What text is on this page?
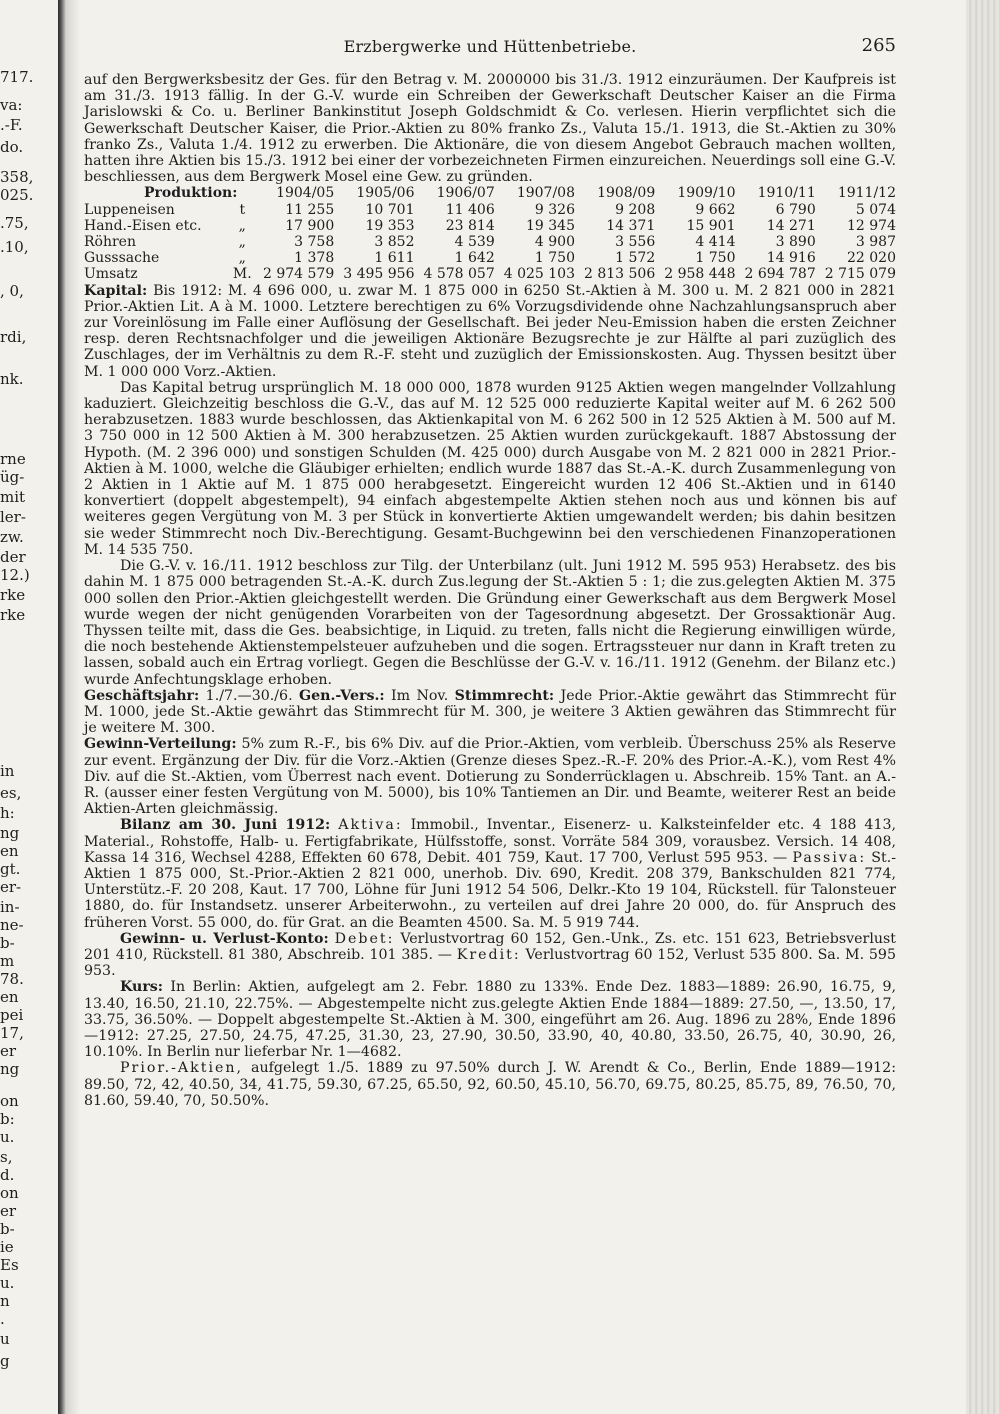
717.
va:
.-F.
do.
358,
025.
.75,
.10,
, 0,
rdi,
nk.
rne
üg-
mit
ler-
zw.
der
12.)
rke
rke
in
es,
h:
ng
en
gt.
er-
in-
ne-
b-
m
78.
en
pei
17,
er
ng
on
b:
u.
s,
d.
on
er
b-
ie
Es
u.
n
.
u
g
Erzbergwerke und Hüttenbetriebe.	265

auf den Bergwerksbesitz der Ges. für den Betrag v. M. 2000000 bis 31./3. 1912 einzuräumen. Der Kaufpreis ist am 31./3. 1913 fällig. In der G.-V. wurde ein Schreiben der Gewerkschaft Deutscher Kaiser an die Firma Jarislowski & Co. u. Berliner Bankinstitut Joseph Goldschmidt & Co. verlesen. Hierin verpflichtet sich die Gewerkschaft Deutscher Kaiser, die Prior.-Aktien zu 80% franko Zs., Valuta 15./1. 1913, die St.-Aktien zu 30% franko Zs., Valuta 1./4. 1912 zu erwerben. Die Aktionäre, die von diesem Angebot Gebrauch machen wollten, hatten ihre Aktien bis 15./3. 1912 bei einer der vorbezeichneten Firmen einzureichen. Neuerdings soll eine G.-V. beschliessen, aus dem Bergwerk Mosel eine Gew. zu gründen.

Produktion:		1904/05	1905/06	1906/07	1907/08	1908/09	1909/10	1910/11	1911/12
Luppeneisen	t	11 255	10 701	11 406	9 326	9 208	9 662	6 790	5 074
Hand.-Eisen etc.	„	17 900	19 353	23 814	19 345	14 371	15 901	14 271	12 974
Röhren	„	3 758	3 852	4 539	4 900	3 556	4 414	3 890	3 987
Gusssache	„	1 378	1 611	1 642	1 750	1 572	1 750	14 916	22 020
Umsatz	M.	2 974 579	3 495 956	4 578 057	4 025 103	2 813 506	2 958 448	2 694 787	2 715 079

Kapital: Bis 1912: M. 4 696 000, u. zwar M. 1 875 000 in 6250 St.-Aktien à M. 300 u. M. 2 821 000 in 2821 Prior.-Aktien Lit. A à M. 1000. Letztere berechtigen zu 6% Vorzugsdividende ohne Nachzahlungsanspruch aber zur Voreinlösung im Falle einer Auflösung der Gesellschaft. Bei jeder Neu-Emission haben die ersten Zeichner resp. deren Rechtsnachfolger und die jeweiligen Aktionäre Bezugsrechte je zur Hälfte al pari zuzüglich des Zuschlages, der im Verhältnis zu dem R.-F. steht und zuzüglich der Emissionskosten. Aug. Thyssen besitzt über M. 1 000 000 Vorz.-Aktien.

Das Kapital betrug ursprünglich M. 18 000 000, 1878 wurden 9125 Aktien wegen mangelnder Vollzahlung kaduziert. Gleichzeitig beschloss die G.-V., das auf M. 12 525 000 reduzierte Kapital weiter auf M. 6 262 500 herabzusetzen. 1883 wurde beschlossen, das Aktienkapital von M. 6 262 500 in 12 525 Aktien à M. 500 auf M. 3 750 000 in 12 500 Aktien à M. 300 herabzusetzen. 25 Aktien wurden zurückgekauft. 1887 Abstossung der Hypoth. (M. 2 396 000) und sonstigen Schulden (M. 425 000) durch Ausgabe von M. 2 821 000 in 2821 Prior.-Aktien à M. 1000, welche die Gläubiger erhielten; endlich wurde 1887 das St.-A.-K. durch Zusammenlegung von 2 Aktien in 1 Aktie auf M. 1 875 000 herabgesetzt. Eingereicht wurden 12 406 St.-Aktien und in 6140 konvertiert (doppelt abgestempelt), 94 einfach abgestempelte Aktien stehen noch aus und können bis auf weiteres gegen Vergütung von M. 3 per Stück in konvertierte Aktien umgewandelt werden; bis dahin besitzen sie weder Stimmrecht noch Div.-Berechtigung. Gesamt-Buchgewinn bei den verschiedenen Finanzoperationen M. 14 535 750.

Die G.-V. v. 16./11. 1912 beschloss zur Tilg. der Unterbilanz (ult. Juni 1912 M. 595 953) Herabsetz. des bis dahin M. 1 875 000 betragenden St.-A.-K. durch Zus.legung der St.-Aktien 5 : 1; die zus.gelegten Aktien M. 375 000 sollen den Prior.-Aktien gleichgestellt werden. Die Gründung einer Gewerkschaft aus dem Bergwerk Mosel wurde wegen der nicht genügenden Vorarbeiten von der Tagesordnung abgesetzt. Der Grossaktionär Aug. Thyssen teilte mit, dass die Ges. beabsichtige, in Liquid. zu treten, falls nicht die Regierung einwilligen würde, die noch bestehende Aktienstempelsteuer aufzuheben und die sogen. Ertragssteuer nur dann in Kraft treten zu lassen, sobald auch ein Ertrag vorliegt. Gegen die Beschlüsse der G.-V. v. 16./11. 1912 (Genehm. der Bilanz etc.) wurde Anfechtungsklage erhoben.

Geschäftsjahr: 1./7.—30./6. Gen.-Vers.: Im Nov. Stimmrecht: Jede Prior.-Aktie gewährt das Stimmrecht für M. 1000, jede St.-Aktie gewährt das Stimmrecht für M. 300, je weitere 3 Aktien gewähren das Stimmrecht für je weitere M. 300.

Gewinn-Verteilung: 5% zum R.-F., bis 6% Div. auf die Prior.-Aktien, vom verbleib. Überschuss 25% als Reserve zur event. Ergänzung der Div. für die Vorz.-Aktien (Grenze dieses Spez.-R.-F. 20% des Prior.-A.-K.), vom Rest 4% Div. auf die St.-Aktien, vom Überrest nach event. Dotierung zu Sonderrücklagen u. Abschreib. 15% Tant. an A.-R. (ausser einer festen Vergütung von M. 5000), bis 10% Tantiemen an Dir. und Beamte, weiterer Rest an beide Aktien-Arten gleichmässig.

Bilanz am 30. Juni 1912: Aktiva: Immobil., Inventar., Eisenerz- u. Kalksteinfelder etc. 4 188 413, Material., Rohstoffe, Halb- u. Fertigfabrikate, Hülfsstoffe, sonst. Vorräte 584 309, vorausbez. Versich. 14 408, Kassa 14 316, Wechsel 4288, Effekten 60 678, Debit. 401 759, Kaut. 17 700, Verlust 595 953. — Passiva: St.-Aktien 1 875 000, St.-Prior.-Aktien 2 821 000, unerhob. Div. 690, Kredit. 208 379, Bankschulden 821 774, Unterstütz.-F. 20 208, Kaut. 17 700, Löhne für Juni 1912 54 506, Delkr.-Kto 19 104, Rückstell. für Talonsteuer 1880, do. für Instandsetz. unserer Arbeiterwohn., zu verteilen auf drei Jahre 20 000, do. für Anspruch des früheren Vorst. 55 000, do. für Grat. an die Beamten 4500. Sa. M. 5 919 744.

Gewinn- u. Verlust-Konto: Debet: Verlustvortrag 60 152, Gen.-Unk., Zs. etc. 151 623, Betriebsverlust 201 410, Rückstell. 81 380, Abschreib. 101 385. — Kredit: Verlustvortrag 60 152, Verlust 535 800. Sa. M. 595 953.

Kurs: In Berlin: Aktien, aufgelegt am 2. Febr. 1880 zu 133%. Ende Dez. 1883—1889: 26.90, 16.75, 9, 13.40, 16.50, 21.10, 22.75%. — Abgestempelte nicht zus.gelegte Aktien Ende 1884—1889: 27.50, —, 13.50, 17, 33.75, 36.50%. — Doppelt abgestempelte St.-Aktien à M. 300, eingeführt am 26. Aug. 1896 zu 28%, Ende 1896—1912: 27.25, 27.50, 24.75, 47.25, 31.30, 23, 27.90, 30.50, 33.90, 40, 40.80, 33.50, 26.75, 40, 30.90, 26, 10.10%. In Berlin nur lieferbar Nr. 1—4682.

Prior.-Aktien, aufgelegt 1./5. 1889 zu 97.50% durch J. W. Arendt & Co., Berlin, Ende 1889—1912: 89.50, 72, 42, 40.50, 34, 41.75, 59.30, 67.25, 65.50, 92, 60.50, 45.10, 56.70, 69.75, 80.25, 85.75, 89, 76.50, 70, 81.60, 59.40, 70, 50.50%.
